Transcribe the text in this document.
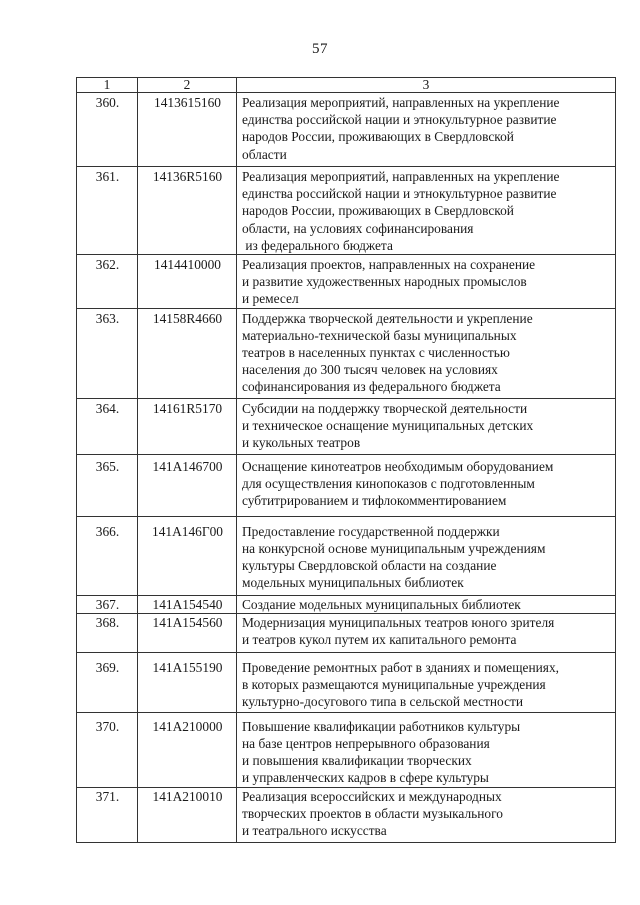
57
1	2	3
360.	1413615160	Реализация мероприятий, направленных на укрепление
единства российской нации и этнокультурное развитие
народов России, проживающих в Свердловской
области

361.	14136R5160	Реализация мероприятий, направленных на укрепление
единства российской нации и этнокультурное развитие
народов России, проживающих в Свердловской
области, на условиях софинансирования
из федерального бюджета

362.	1414410000	Реализация проектов, направленных на сохранение
и развитие художественных народных промыслов
и ремесел

363.	14158R4660	Поддержка творческой деятельности и укрепление
материально-технической базы муниципальных
театров в населенных пунктах с численностью
населения до 300 тысяч человек на условиях
софинансирования из федерального бюджета

364.	14161R5170	Субсидии на поддержку творческой деятельности
и техническое оснащение муниципальных детских
и кукольных театров

365.	141A146700	Оснащение кинотеатров необходимым оборудованием
для осуществления кинопоказов с подготовленным
субтитрированием и тифлокомментированием

366.	141A146Г00	Предоставление государственной поддержки
на конкурсной основе муниципальным учреждениям
культуры Свердловской области на создание
модельных муниципальных библиотек

367.	141A154540	Создание модельных муниципальных библиотек

368.	141A154560	Модернизация муниципальных театров юного зрителя
и театров кукол путем их капитального ремонта

369.	141A155190	Проведение ремонтных работ в зданиях и помещениях,
в которых размещаются муниципальные учреждения
культурно-досугового типа в сельской местности

370.	141A210000	Повышение квалификации работников культуры
на базе центров непрерывного образования
и повышения квалификации творческих
и управленческих кадров в сфере культуры

371.	141A210010	Реализация всероссийских и международных
творческих проектов в области музыкального
и театрального искусства
